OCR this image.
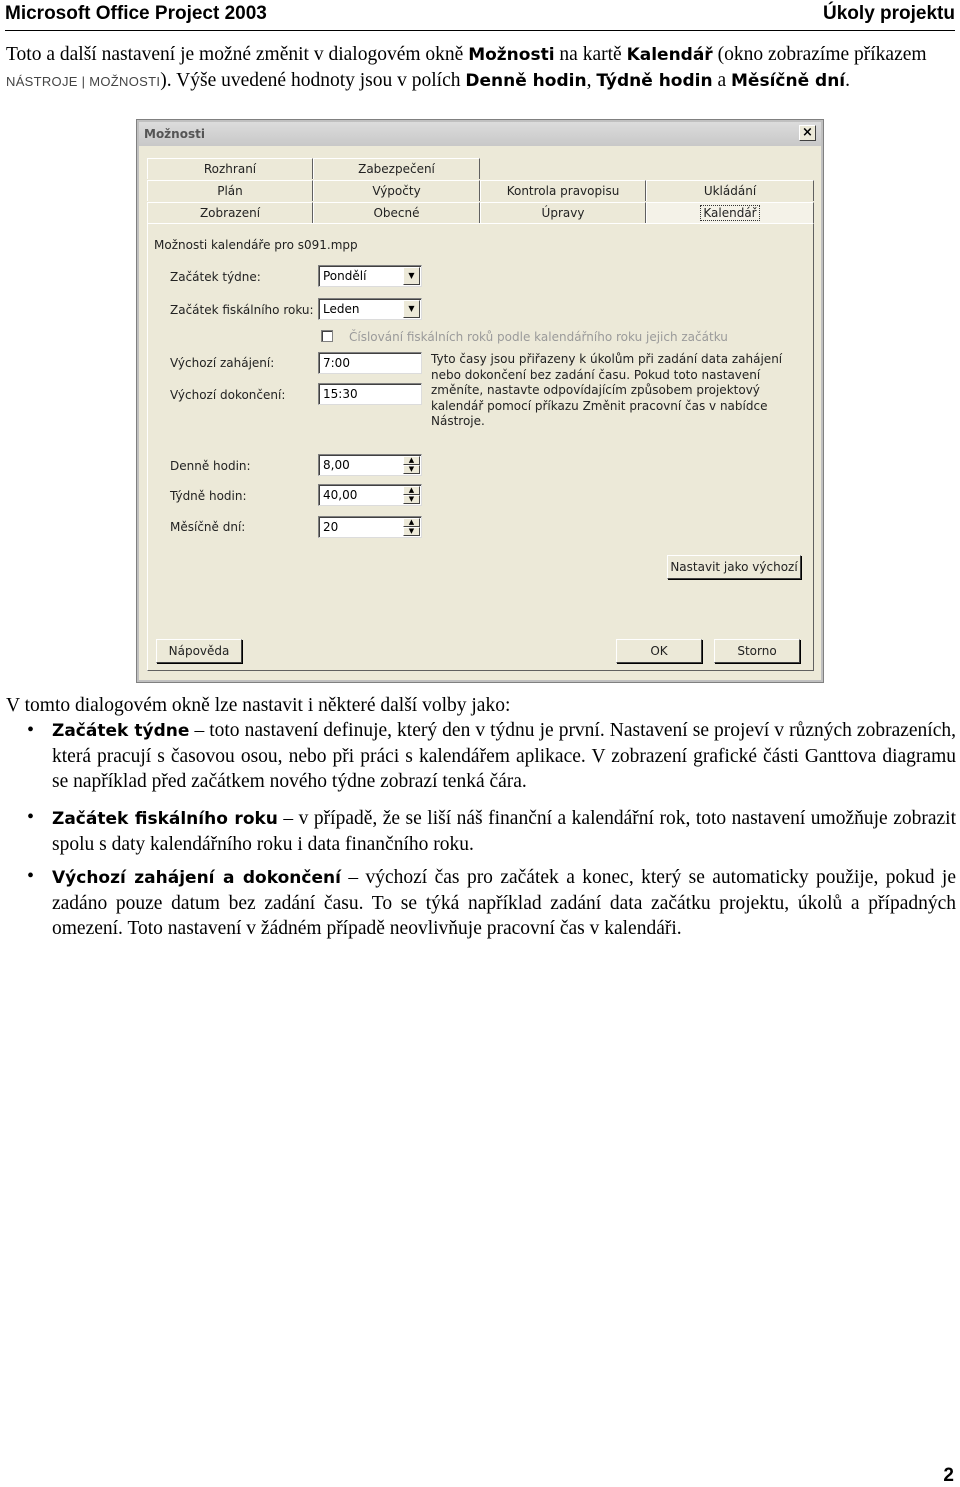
Microsoft Office Project 2003	Úkoly projektu
Toto a další nastavení je možné změnit v dialogovém okně Možnosti na kartě Kalendář (okno zobrazíme příkazem NÁSTROJE | MOŽNOSTI). Výše uvedené hodnoty jsou v polích Denně hodin, Týdně hodin a Měsíčně dní.
Možnosti	×
Rozhraní	Zabezpečení
Plán	Výpočty	Kontrola pravopisu	Ukládání
Zobrazení	Obecné	Úpravy	Kalendář
Možnosti kalendáře pro s091.mpp
Začátek týdne:	Pondělí	▼
Začátek fiskálního roku: Leden	▼
Číslování fiskálních roků podle kalendářního roku jejich začátku
Výchozí zahájení:	7:00
Výchozí dokončení:	15:30
Tyto časy jsou přiřazeny k úkolům při zadání data zahájení nebo dokončení bez zadání času. Pokud toto nastavení změníte, nastavte odpovídajícím způsobem projektový kalendář pomocí příkazu Změnit pracovní čas v nabídce Nástroje.
Denně hodin:	8,00	▲
▼
Týdně hodin:	40,00	▲
▼
Měsíčně dní:	20	▲
▼
Nastavit jako výchozí
Nápověda	OK	Storno
V tomto dialogovém okně lze nastavit i některé další volby jako:
• Začátek týdne – toto nastavení definuje, který den v týdnu je první. Nastavení se projeví v různých zobrazeních, která pracují s časovou osou, nebo při práci s kalendářem aplikace. V zobrazení grafické části Ganttova diagramu se například před začátkem nového týdne zobrazí tenká čára.
• Začátek fiskálního roku – v případě, že se liší náš finanční a kalendářní rok, toto nastavení umožňuje zobrazit spolu s daty kalendářního roku i data finančního roku.
• Výchozí zahájení a dokončení – výchozí čas pro začátek a konec, který se automaticky použije, pokud je zadáno pouze datum bez zadání času. To se týká například zadání data začátku projektu, úkolů a případných omezení. Toto nastavení v žádném případě neovlivňuje pracovní čas v kalendáři.
2
